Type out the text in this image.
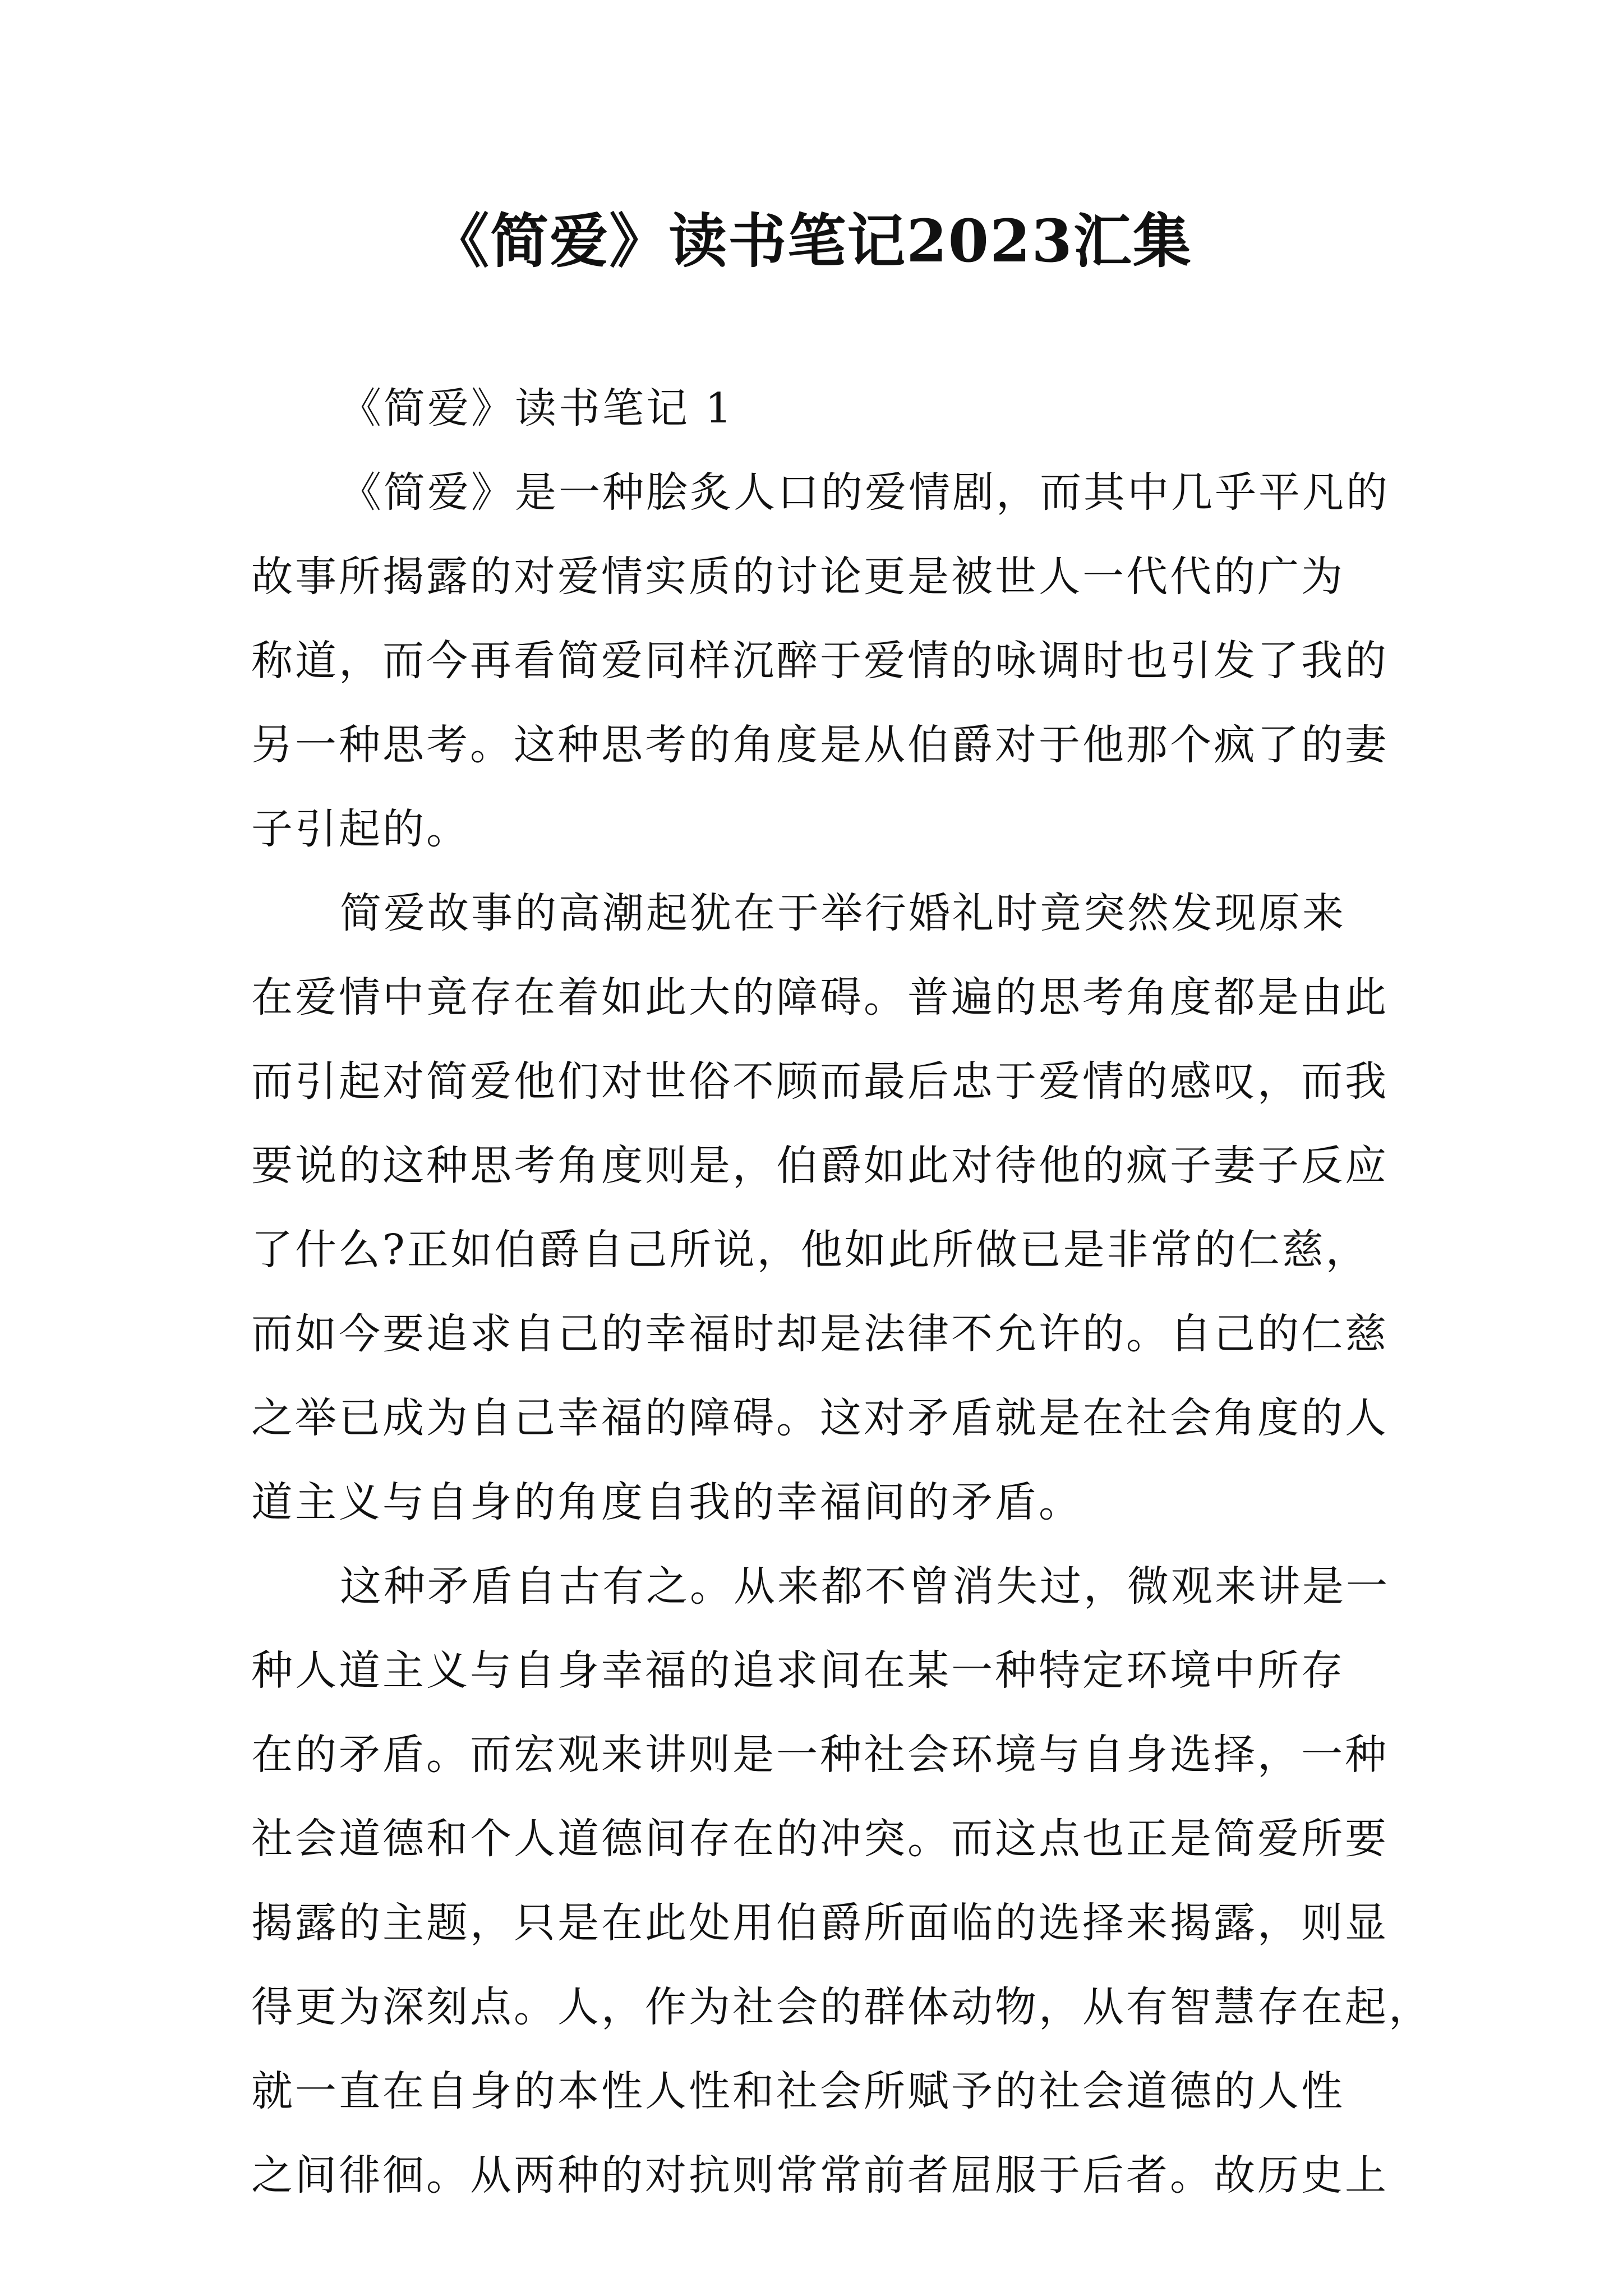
《简爱》读书笔记2023汇集
《简爱》读书笔记 1
《简爱》是一种脍炙人口的爱情剧，而其中几乎平凡的
故事所揭露的对爱情实质的讨论更是被世人一代代的广为
称道，而今再看简爱同样沉醉于爱情的咏调时也引发了我的
另一种思考。这种思考的角度是从伯爵对于他那个疯了的妻
子引起的。
简爱故事的高潮起犹在于举行婚礼时竟突然发现原来
在爱情中竟存在着如此大的障碍。普遍的思考角度都是由此
而引起对简爱他们对世俗不顾而最后忠于爱情的感叹，而我
要说的这种思考角度则是，伯爵如此对待他的疯子妻子反应
了什么?正如伯爵自己所说，他如此所做已是非常的仁慈，
而如今要追求自己的幸福时却是法律不允许的。自己的仁慈
之举已成为自己幸福的障碍。这对矛盾就是在社会角度的人
道主义与自身的角度自我的幸福间的矛盾。
这种矛盾自古有之。从来都不曾消失过，微观来讲是一
种人道主义与自身幸福的追求间在某一种特定环境中所存
在的矛盾。而宏观来讲则是一种社会环境与自身选择，一种
社会道德和个人道德间存在的冲突。而这点也正是简爱所要
揭露的主题，只是在此处用伯爵所面临的选择来揭露，则显
得更为深刻点。人，作为社会的群体动物，从有智慧存在起，
就一直在自身的本性人性和社会所赋予的社会道德的人性
之间徘徊。从两种的对抗则常常前者屈服于后者。故历史上
